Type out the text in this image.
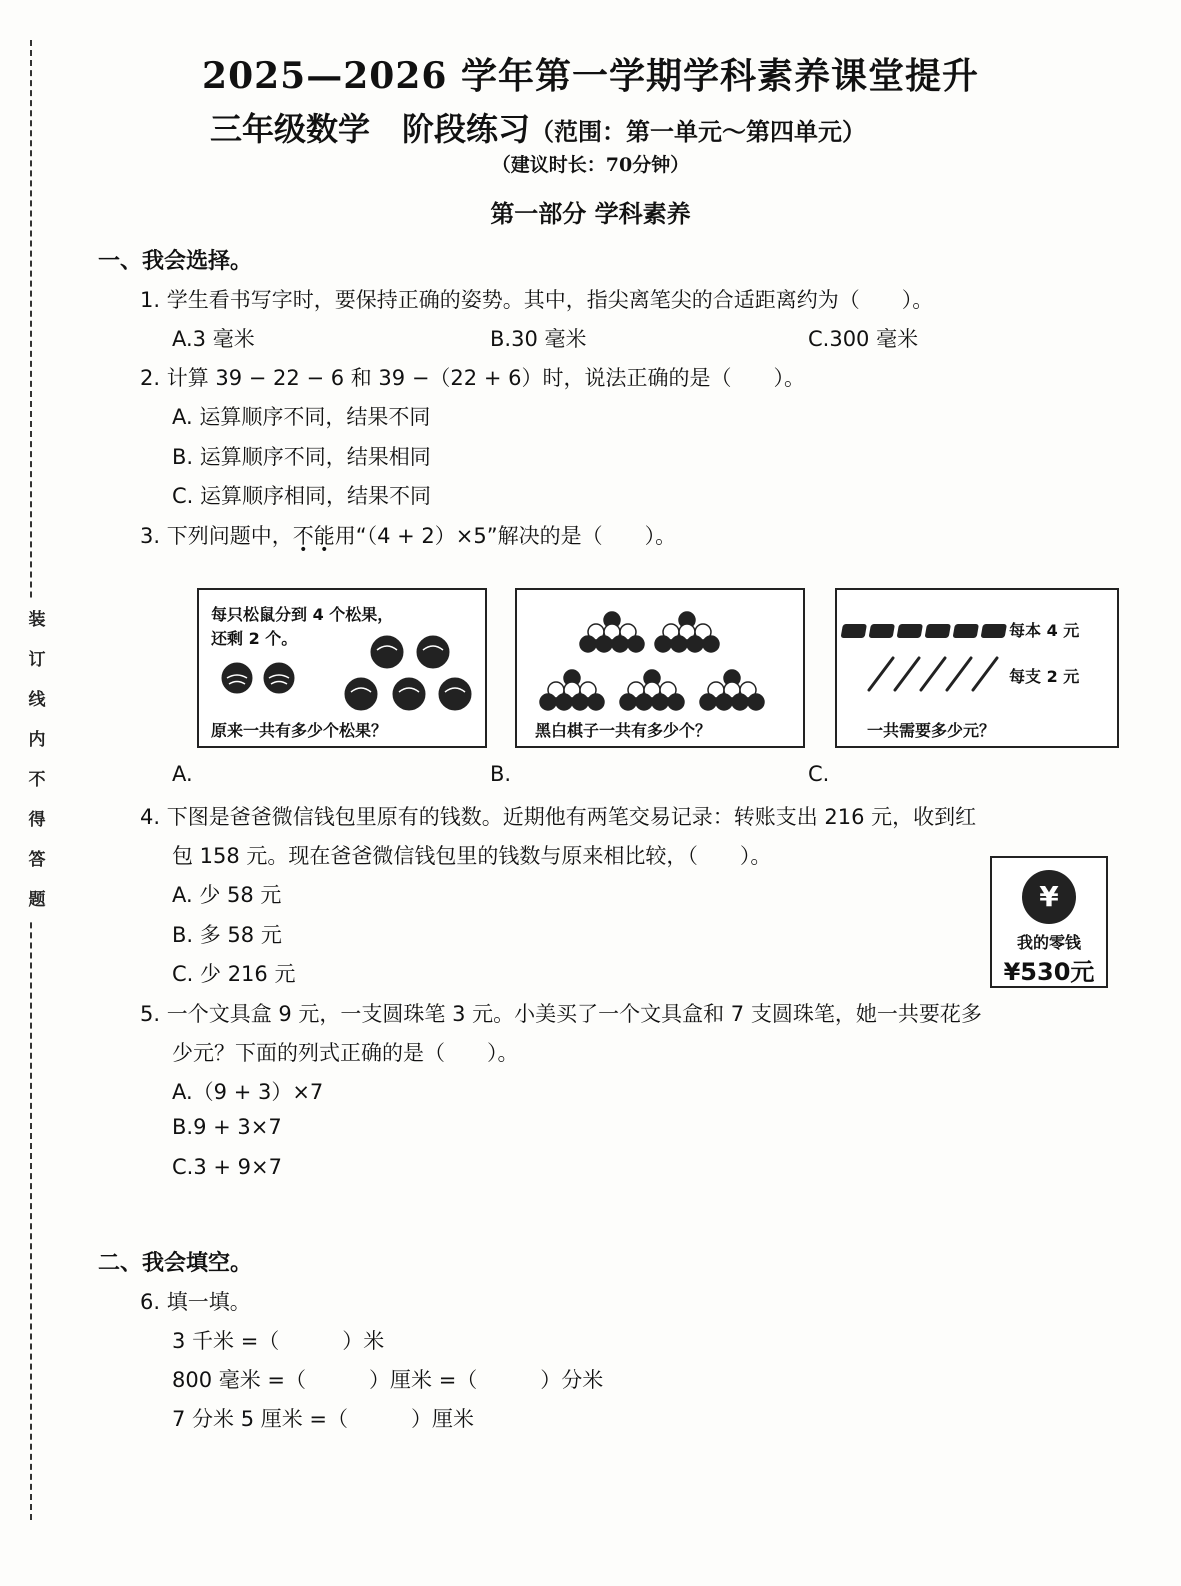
装
订
线
内
不
得
答
题
2025—2026 学年第一学期学科素养课堂提升
三年级数学　阶段练习（范围：第一单元～第四单元）
（建议时长：70分钟）
第一部分 学科素养
一、我会选择。
1. 学生看书写字时，要保持正确的姿势。其中，指尖离笔尖的合适距离约为（　　）。
A.3 毫米	B.30 毫米	C.300 毫米
2. 计算 39 − 22 − 6 和 39 −（22 + 6）时，说法正确的是（　　）。
A. 运算顺序不同，结果不同
B. 运算顺序不同，结果相同
C. 运算顺序相同，结果不同
3. 下列问题中，不能用“（4 + 2）×5”解决的是（　　）。
每只松鼠分到 4 个松果，
还剩 2 个。
原来一共有多少个松果？	黑白棋子一共有多少个？
每本 4 元
每支 2 元
一共需要多少元？
A.	B.	C.
4. 下图是爸爸微信钱包里原有的钱数。近期他有两笔交易记录：转账支出 216 元，收到红
包 158 元。现在爸爸微信钱包里的钱数与原来相比较，（　　）。
A. 少 58 元
B. 多 58 元
C. 少 216 元
¥
我的零钱
¥530元
5. 一个文具盒 9 元，一支圆珠笔 3 元。小美买了一个文具盒和 7 支圆珠笔，她一共要花多
少元？下面的列式正确的是（　　）。
A.（9 + 3）×7
B.9 + 3×7
C.3 + 9×7
二、我会填空。
6. 填一填。
3 千米 =（　　　）米
800 毫米 =（　　　）厘米 =（　　　）分米
7 分米 5 厘米 =（　　　）厘米
